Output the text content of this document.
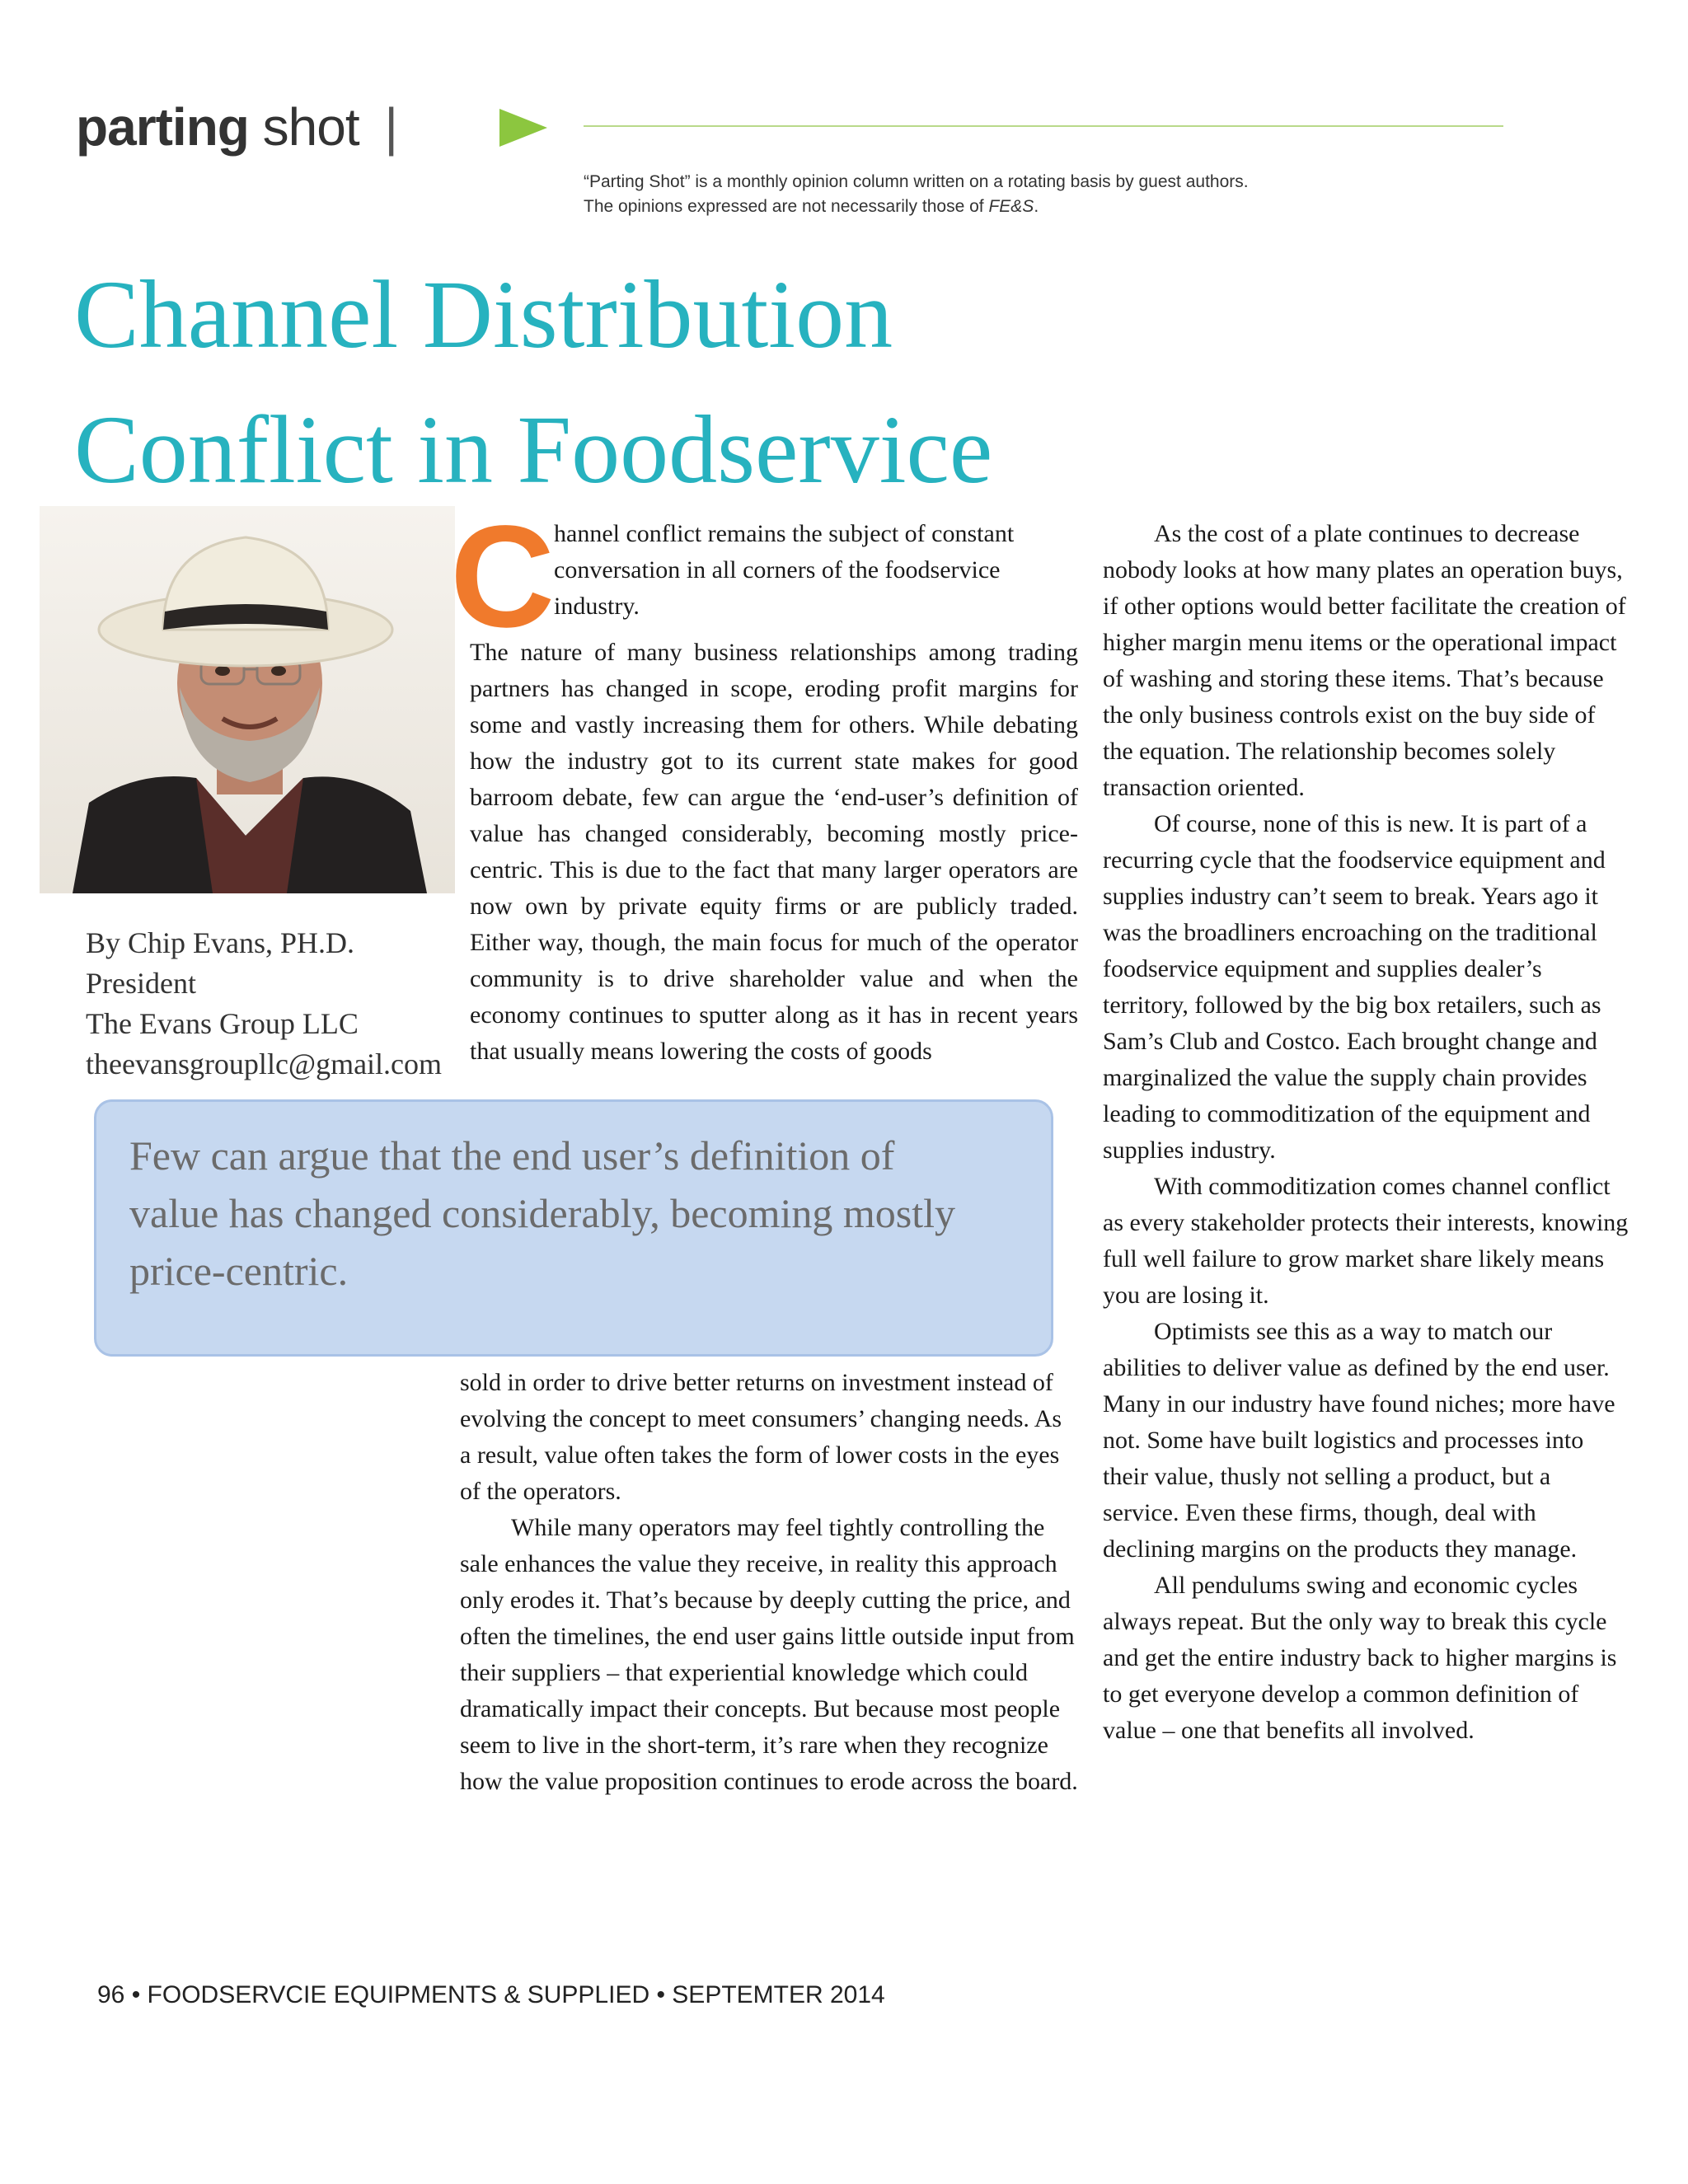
parting shot |
“Parting Shot” is a monthly opinion column written on a rotating basis by guest authors.
The opinions expressed are not necessarily those of FE&S.
Channel Distribution
Conflict in Foodservice
By Chip Evans, PH.D.
President
The Evans Group LLC
theevansgroupllc@gmail.com
C

hannel conflict remains the subject of constant conversation in all corners of the foodservice industry.

The nature of many business relationships among trading partners has changed in scope, eroding profit margins for some and vastly increasing them for others. While debating how the industry got to its current state makes for good barroom debate, few can argue the ‘end-user’s definition of value has changed considerably, becoming mostly price-centric. This is due to the fact that many larger operators are now own by private equity firms or are publicly traded. Either way, though, the main focus for much of the operator community is to drive shareholder value and when the economy continues to sputter along as it has in recent years that usually means lowering the costs of goods

Few can argue that the end user’s definition of value has changed considerably, becoming mostly price-centric.

sold in order to drive better returns on investment instead of evolving the concept to meet consumers’ changing needs. As a result, value often takes the form of lower costs in the eyes of the operators.

While many operators may feel tightly controlling the sale enhances the value they receive, in reality this approach only erodes it. That’s because by deeply cutting the price, and often the timelines, the end user gains little outside input from their suppliers – that experiential knowledge which could dramatically impact their concepts. But because most people seem to live in the short-term, it’s rare when they recognize how the value proposition continues to erode across the board.

As the cost of a plate continues to decrease nobody looks at how many plates an operation buys, if other options would better facilitate the creation of higher margin menu items or the operational impact of washing and storing these items. That’s because the only business controls exist on the buy side of the equation. The relationship becomes solely transaction oriented.

Of course, none of this is new. It is part of a recurring cycle that the foodservice equipment and supplies industry can’t seem to break. Years ago it was the broadliners encroaching on the traditional foodservice equipment and supplies dealer’s territory, followed by the big box retailers, such as Sam’s Club and Costco. Each brought change and marginalized the value the supply chain provides leading to commoditization of the equipment and supplies industry.

With commoditization comes channel conflict as every stakeholder protects their interests, knowing full well failure to grow market share likely means you are losing it.

Optimists see this as a way to match our abilities to deliver value as defined by the end user. Many in our industry have found niches; more have not. Some have built logistics and processes into their value, thusly not selling a product, but a service. Even these firms, though, deal with declining margins on the products they manage.

All pendulums swing and economic cycles always repeat. But the only way to break this cycle and get the entire industry back to higher margins is to get everyone develop a common definition of value – one that benefits all involved.

96 • FOODSERVCIE EQUIPMENTS & SUPPLIED • SEPTEMTER 2014
